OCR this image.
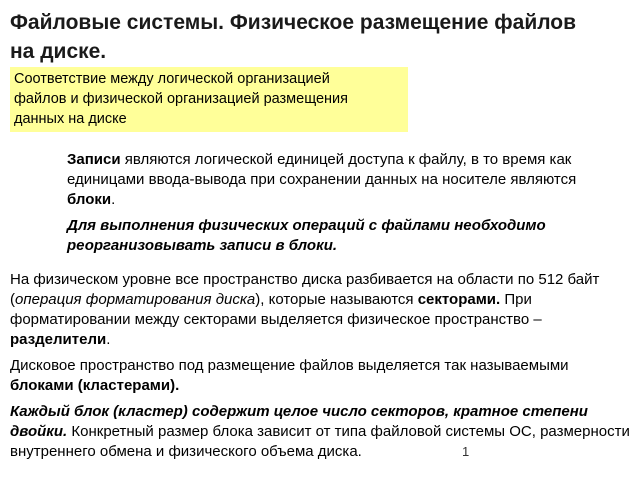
Файловые системы. Физическое размещение файлов
на диске.
Соответствие между логической организацией
файлов и физической организацией размещения
данных на диске

Записи являются логической единицей доступа к файлу, в то время как единицами ввода-вывода при сохранении данных на носителе являются блоки.

Для выполнения физических операций с файлами необходимо реорганизовывать записи в блоки.

На физическом уровне все пространство диска разбивается на области по 512 байт (операция форматирования диска), которые называются секторами. При форматировании между секторами выделяется физическое пространство – разделители.

Дисковое пространство под размещение файлов выделяется так называемыми блоками (кластерами).

Каждый блок (кластер) содержит целое число секторов, кратное степени двойки. Конкретный размер блока зависит от типа файловой системы ОС, размерности внутреннего обмена и физического объема диска.	1
